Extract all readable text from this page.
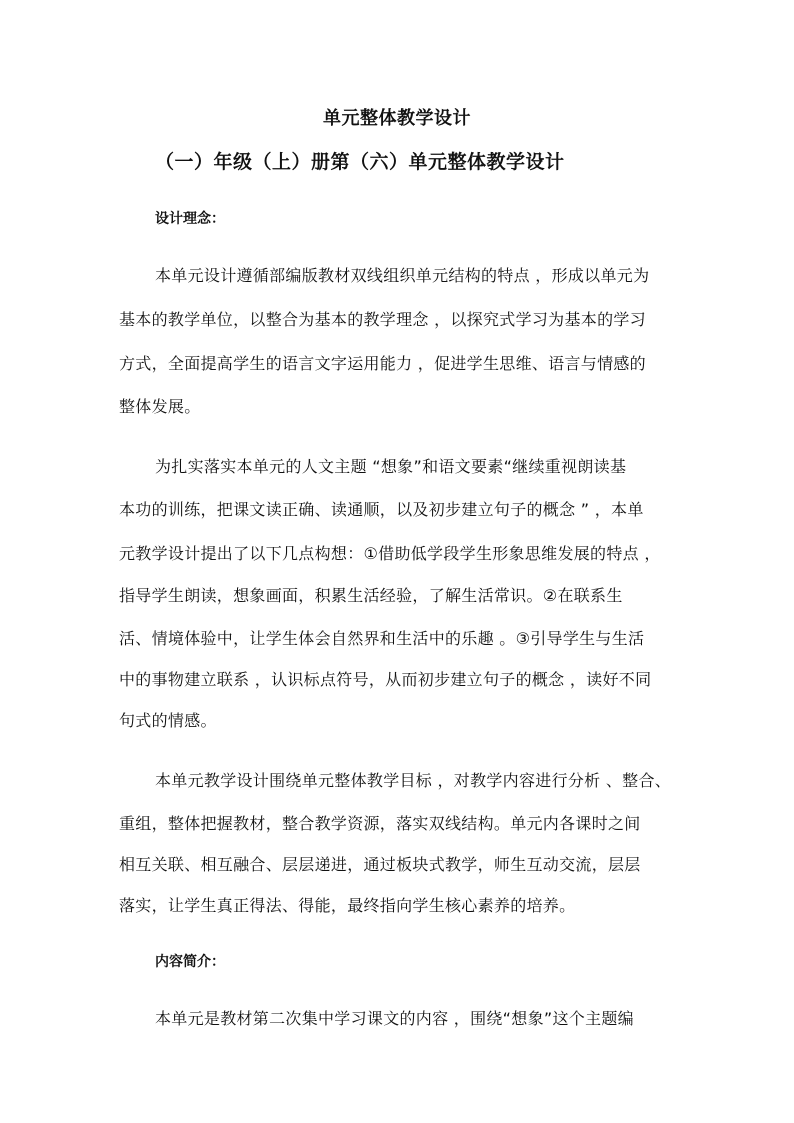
单元整体教学设计
（一）年级（上）册第（六）单元整体教学设计
设计理念：
本单元设计遵循部编版教材双线组织单元结构的特点 ，形成以单元为
基本的教学单位，以整合为基本的教学理念 ，以探究式学习为基本的学习
方式，全面提高学生的语言文字运用能力 ，促进学生思维、语言与情感的
整体发展。
为扎实落实本单元的人文主题 “想象”和语文要素“继续重视朗读基
本功的训练，把课文读正确、读通顺，以及初步建立句子的概念 ” ，本单
元教学设计提出了以下几点构想：①借助低学段学生形象思维发展的特点 ，
指导学生朗读，想象画面，积累生活经验，了解生活常识。②在联系生
活、情境体验中，让学生体会自然界和生活中的乐趣 。③引导学生与生活
中的事物建立联系 ，认识标点符号，从而初步建立句子的概念 ，读好不同
句式的情感。
本单元教学设计围绕单元整体教学目标 ，对教学内容进行分析 、整合、
重组，整体把握教材，整合教学资源，落实双线结构。单元内各课时之间
相互关联、相互融合、层层递进，通过板块式教学，师生互动交流，层层
落实，让学生真正得法、得能，最终指向学生核心素养的培养。
内容简介：
本单元是教材第二次集中学习课文的内容 ，围绕“想象”这个主题编
